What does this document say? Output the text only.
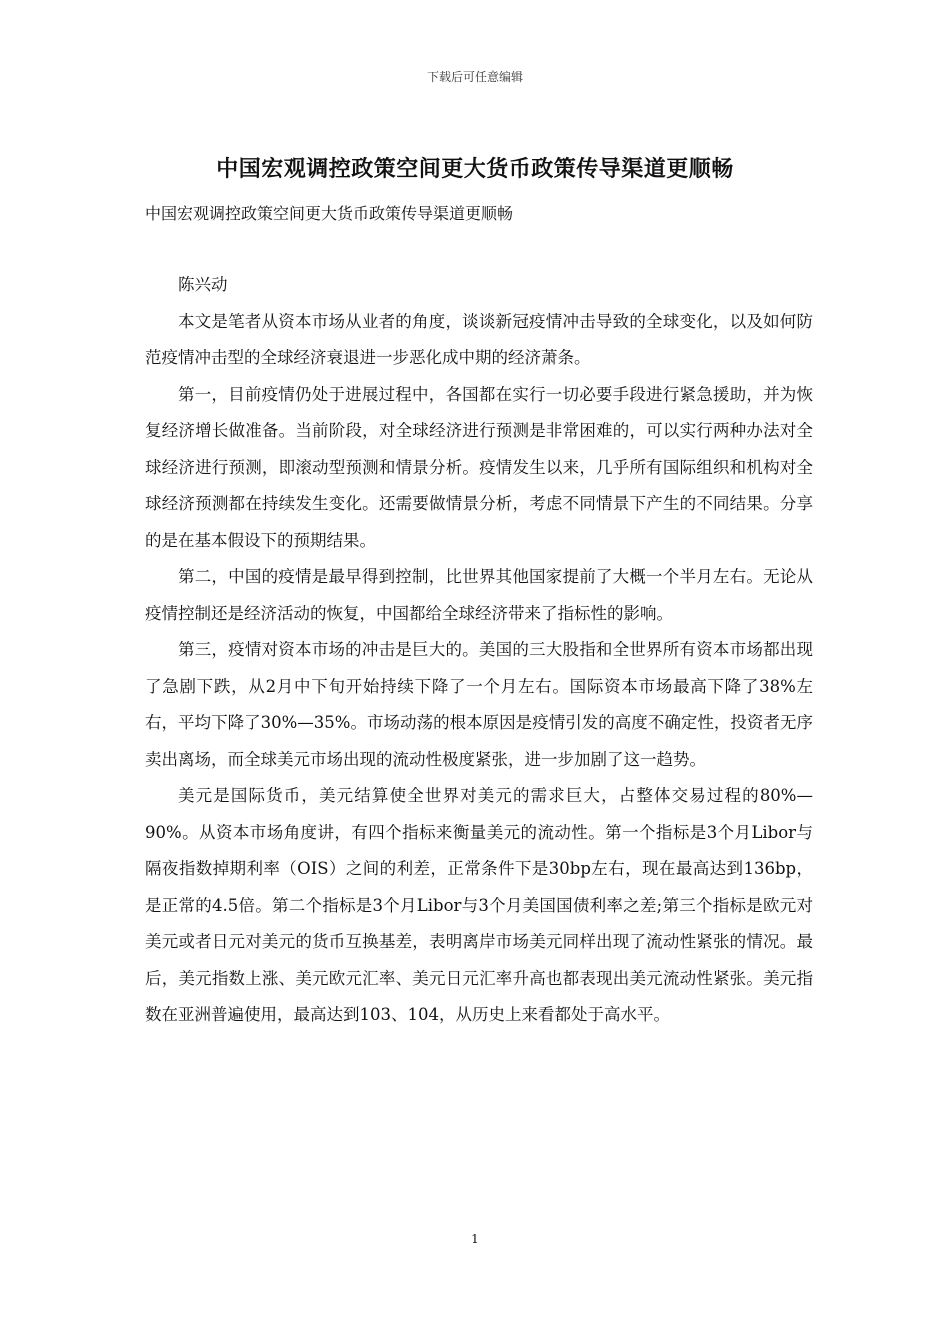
下载后可任意编辑
中国宏观调控政策空间更大货币政策传导渠道更顺畅
中国宏观调控政策空间更大货币政策传导渠道更顺畅

陈兴动

本文是笔者从资本市场从业者的角度，谈谈新冠疫情冲击导致的全球变化，以及如何防范疫情冲击型的全球经济衰退进一步恶化成中期的经济萧条。

第一，目前疫情仍处于进展过程中，各国都在实行一切必要手段进行紧急援助，并为恢复经济增长做准备。当前阶段，对全球经济进行预测是非常困难的，可以实行两种办法对全球经济进行预测，即滚动型预测和情景分析。疫情发生以来，几乎所有国际组织和机构对全球经济预测都在持续发生变化。还需要做情景分析，考虑不同情景下产生的不同结果。分享的是在基本假设下的预期结果。

第二，中国的疫情是最早得到控制，比世界其他国家提前了大概一个半月左右。无论从疫情控制还是经济活动的恢复，中国都给全球经济带来了指标性的影响。

第三，疫情对资本市场的冲击是巨大的。美国的三大股指和全世界所有资本市场都出现了急剧下跌，从2月中下旬开始持续下降了一个月左右。国际资本市场最高下降了38%左右，平均下降了30%—35%。市场动荡的根本原因是疫情引发的高度不确定性，投资者无序卖出离场，而全球美元市场出现的流动性极度紧张，进一步加剧了这一趋势。

美元是国际货币，美元结算使全世界对美元的需求巨大，占整体交易过程的80%—90%。从资本市场角度讲，有四个指标来衡量美元的流动性。第一个指标是3个月Libor与隔夜指数掉期利率（OIS）之间的利差，正常条件下是30bp左右，现在最高达到136bp，是正常的4.5倍。第二个指标是3个月Libor与3个月美国国债利率之差;第三个指标是欧元对美元或者日元对美元的货币互换基差，表明离岸市场美元同样出现了流动性紧张的情况。最后，美元指数上涨、美元欧元汇率、美元日元汇率升高也都表现出美元流动性紧张。美元指数在亚洲普遍使用，最高达到103、104，从历史上来看都处于高水平。

1
